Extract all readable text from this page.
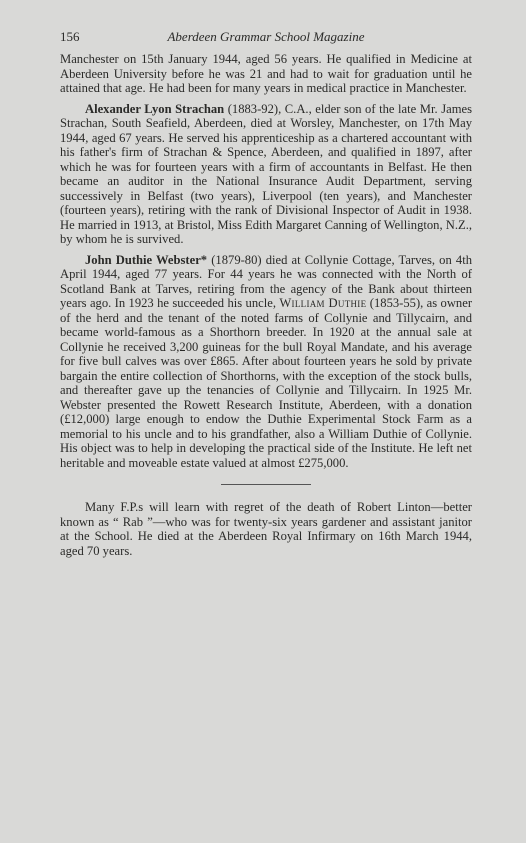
156	Aberdeen Grammar School Magazine

Manchester on 15th January 1944, aged 56 years. He qualified in Medicine at Aberdeen University before he was 21 and had to wait for graduation until he attained that age. He had been for many years in medical practice in Manchester.

Alexander Lyon Strachan (1883-92), C.A., elder son of the late Mr. James Strachan, South Seafield, Aberdeen, died at Worsley, Manchester, on 17th May 1944, aged 67 years. He served his apprenticeship as a chartered accountant with his father's firm of Strachan & Spence, Aberdeen, and qualified in 1897, after which he was for fourteen years with a firm of accountants in Belfast. He then became an auditor in the National Insurance Audit Department, serving successively in Belfast (two years), Liverpool (ten years), and Manchester (fourteen years), retiring with the rank of Divisional Inspector of Audit in 1938. He married in 1913, at Bristol, Miss Edith Margaret Canning of Wellington, N.Z., by whom he is survived.

John Duthie Webster* (1879-80) died at Collynie Cottage, Tarves, on 4th April 1944, aged 77 years. For 44 years he was connected with the North of Scotland Bank at Tarves, retiring from the agency of the Bank about thirteen years ago. In 1923 he succeeded his uncle, William Duthie (1853-55), as owner of the herd and the tenant of the noted farms of Collynie and Tillycairn, and became world-famous as a Shorthorn breeder. In 1920 at the annual sale at Collynie he received 3,200 guineas for the bull Royal Mandate, and his average for five bull calves was over £865. After about fourteen years he sold by private bargain the entire collection of Shorthorns, with the exception of the stock bulls, and thereafter gave up the tenancies of Collynie and Tillycairn. In 1925 Mr. Webster presented the Rowett Research Institute, Aberdeen, with a donation (£12,000) large enough to endow the Duthie Experimental Stock Farm as a memorial to his uncle and to his grandfather, also a William Duthie of Collynie. His object was to help in developing the practical side of the Institute. He left net heritable and moveable estate valued at almost £275,000.

Many F.P.s will learn with regret of the death of Robert Linton—better known as “ Rab ”—who was for twenty-six years gardener and assistant janitor at the School. He died at the Aberdeen Royal Infirmary on 16th March 1944, aged 70 years.
